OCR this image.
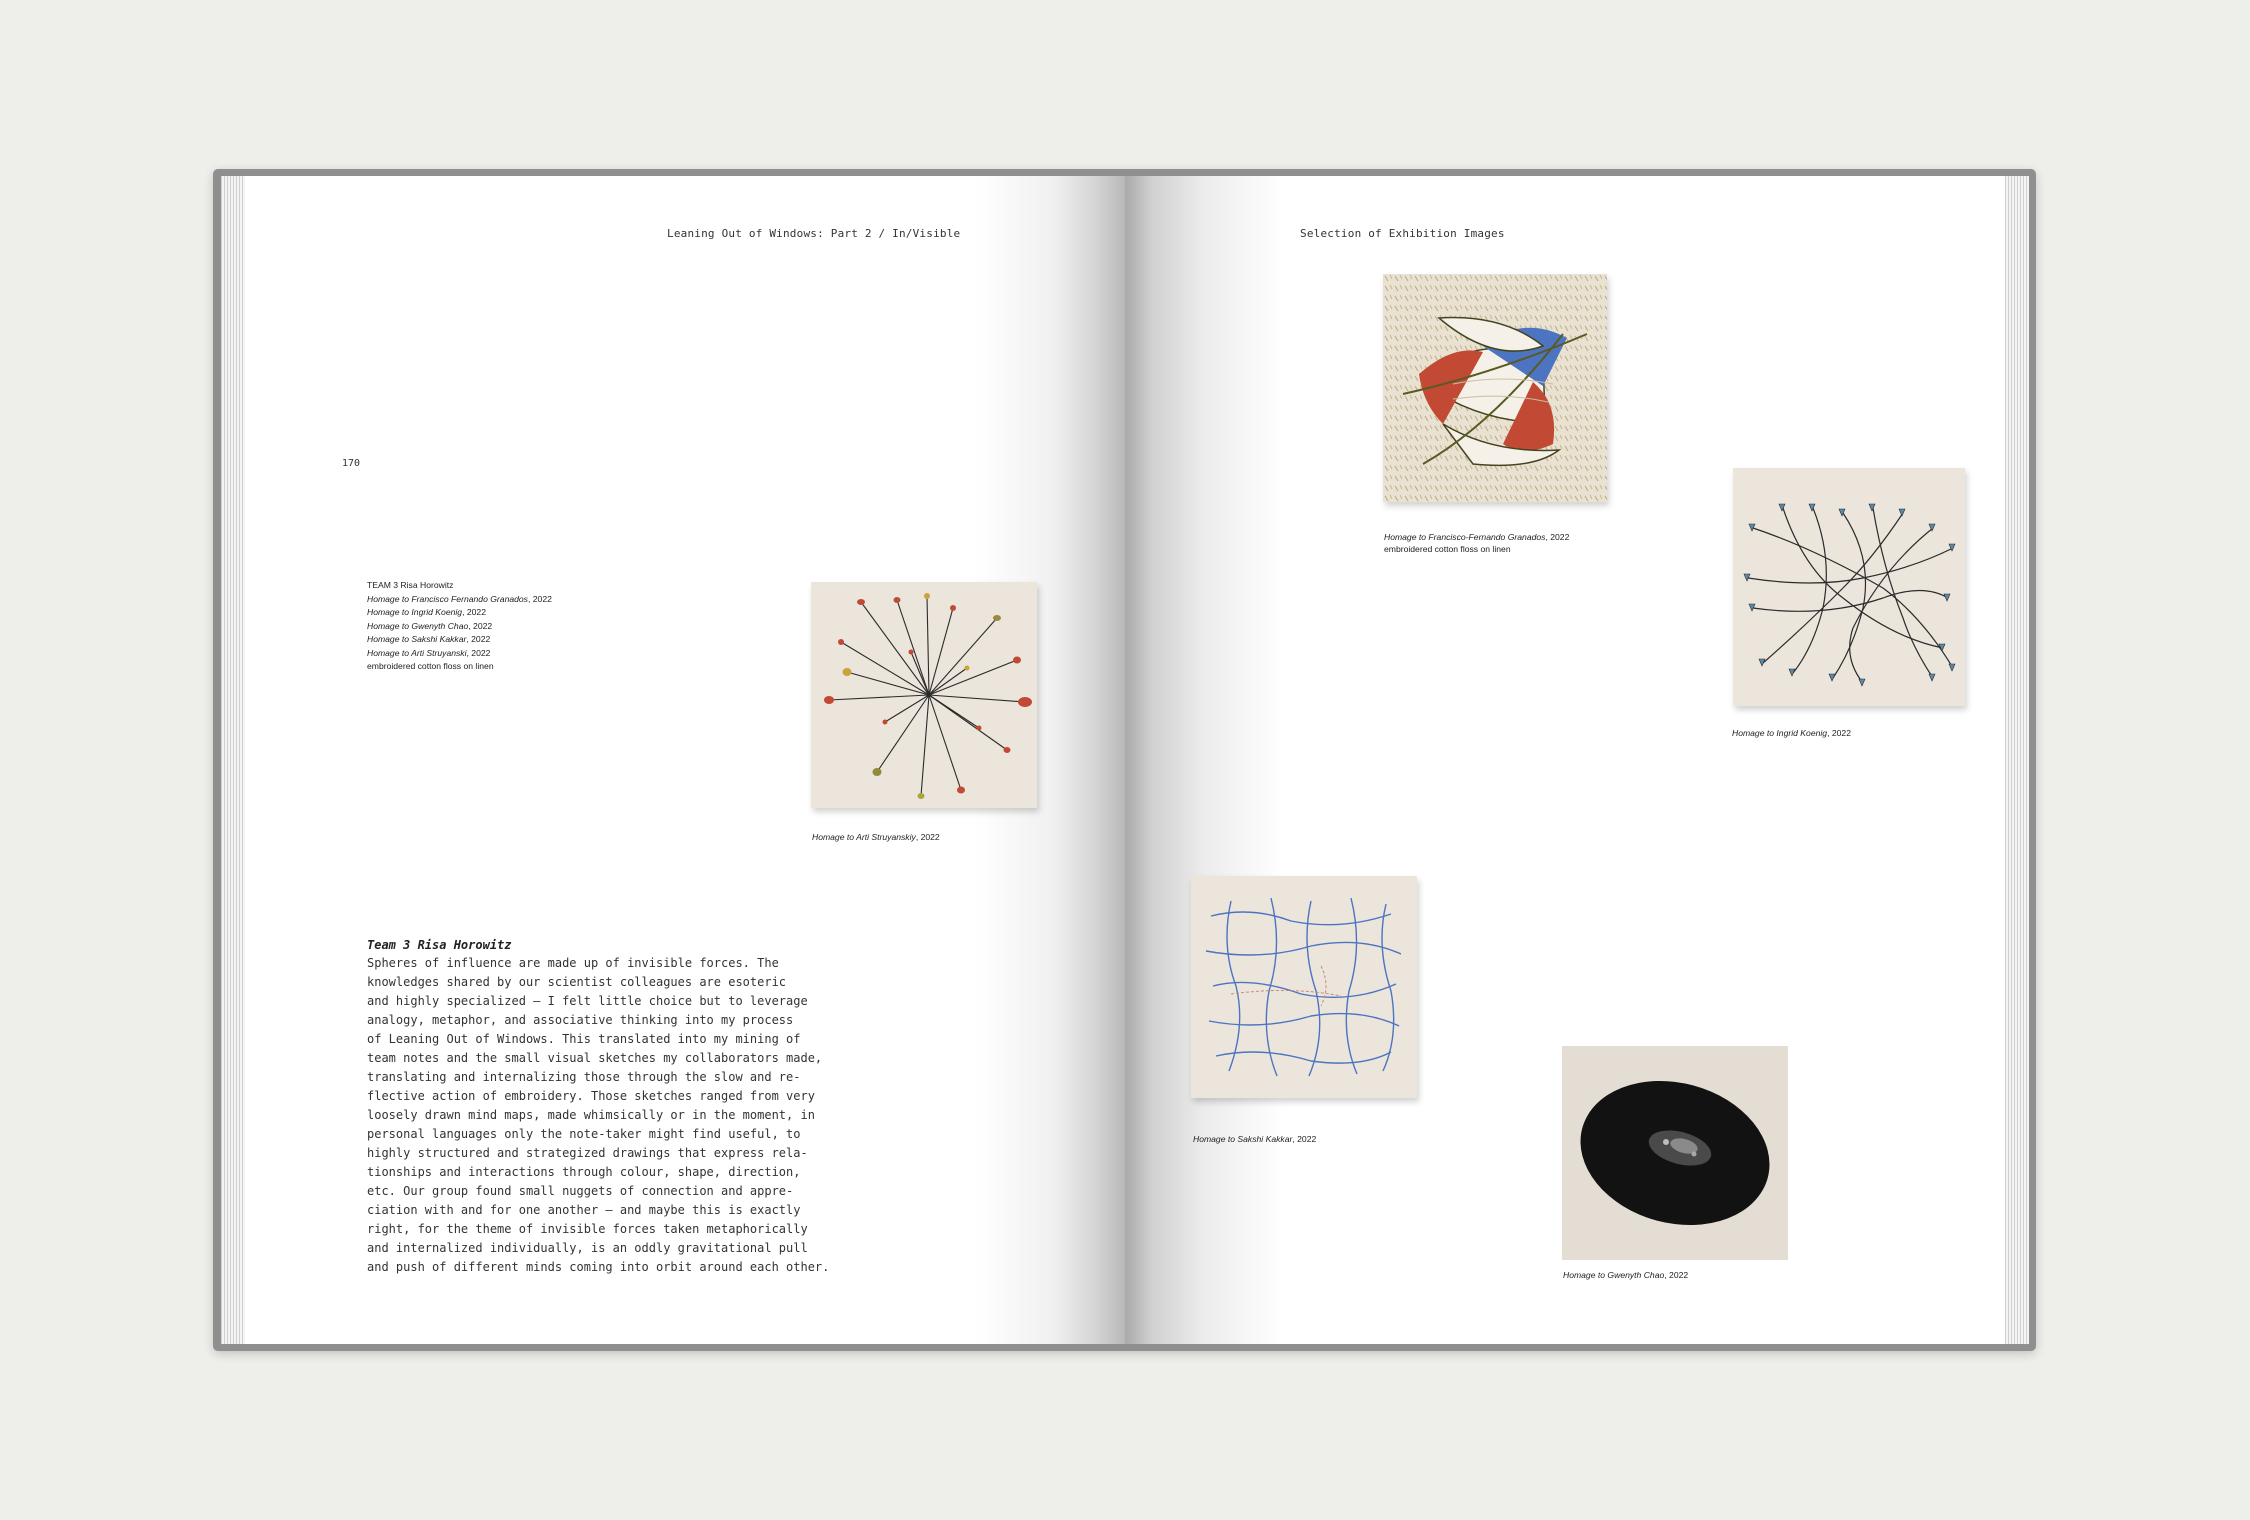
Leaning Out of Windows: Part 2 / In/Visible
170
TEAM 3 Risa Horowitz
Homage to Francisco Fernando Granados, 2022
Homage to Ingrid Koenig, 2022
Homage to Gwenyth Chao, 2022
Homage to Sakshi Kakkar, 2022
Homage to Arti Struyanski, 2022
embroidered cotton floss on linen
Homage to Arti Struyanskiy, 2022
Team 3 Risa Horowitz
Spheres of influence are made up of invisible forces. The
knowledges shared by our scientist colleagues are esoteric
and highly specialized — I felt little choice but to leverage
analogy, metaphor, and associative thinking into my process
of Leaning Out of Windows. This translated into my mining of
team notes and the small visual sketches my collaborators made,
translating and internalizing those through the slow and re-
flective action of embroidery. Those sketches ranged from very
loosely drawn mind maps, made whimsically or in the moment, in
personal languages only the note-taker might find useful, to
highly structured and strategized drawings that express rela-
tionships and interactions through colour, shape, direction,
etc. Our group found small nuggets of connection and appre-
ciation with and for one another — and maybe this is exactly
right, for the theme of invisible forces taken metaphorically
and internalized individually, is an oddly gravitational pull
and push of different minds coming into orbit around each other.
Selection of Exhibition Images
Homage to Francisco-Fernando Granados, 2022
embroidered cotton floss on linen
Homage to Ingrid Koenig, 2022
Homage to Sakshi Kakkar, 2022
Homage to Gwenyth Chao, 2022
